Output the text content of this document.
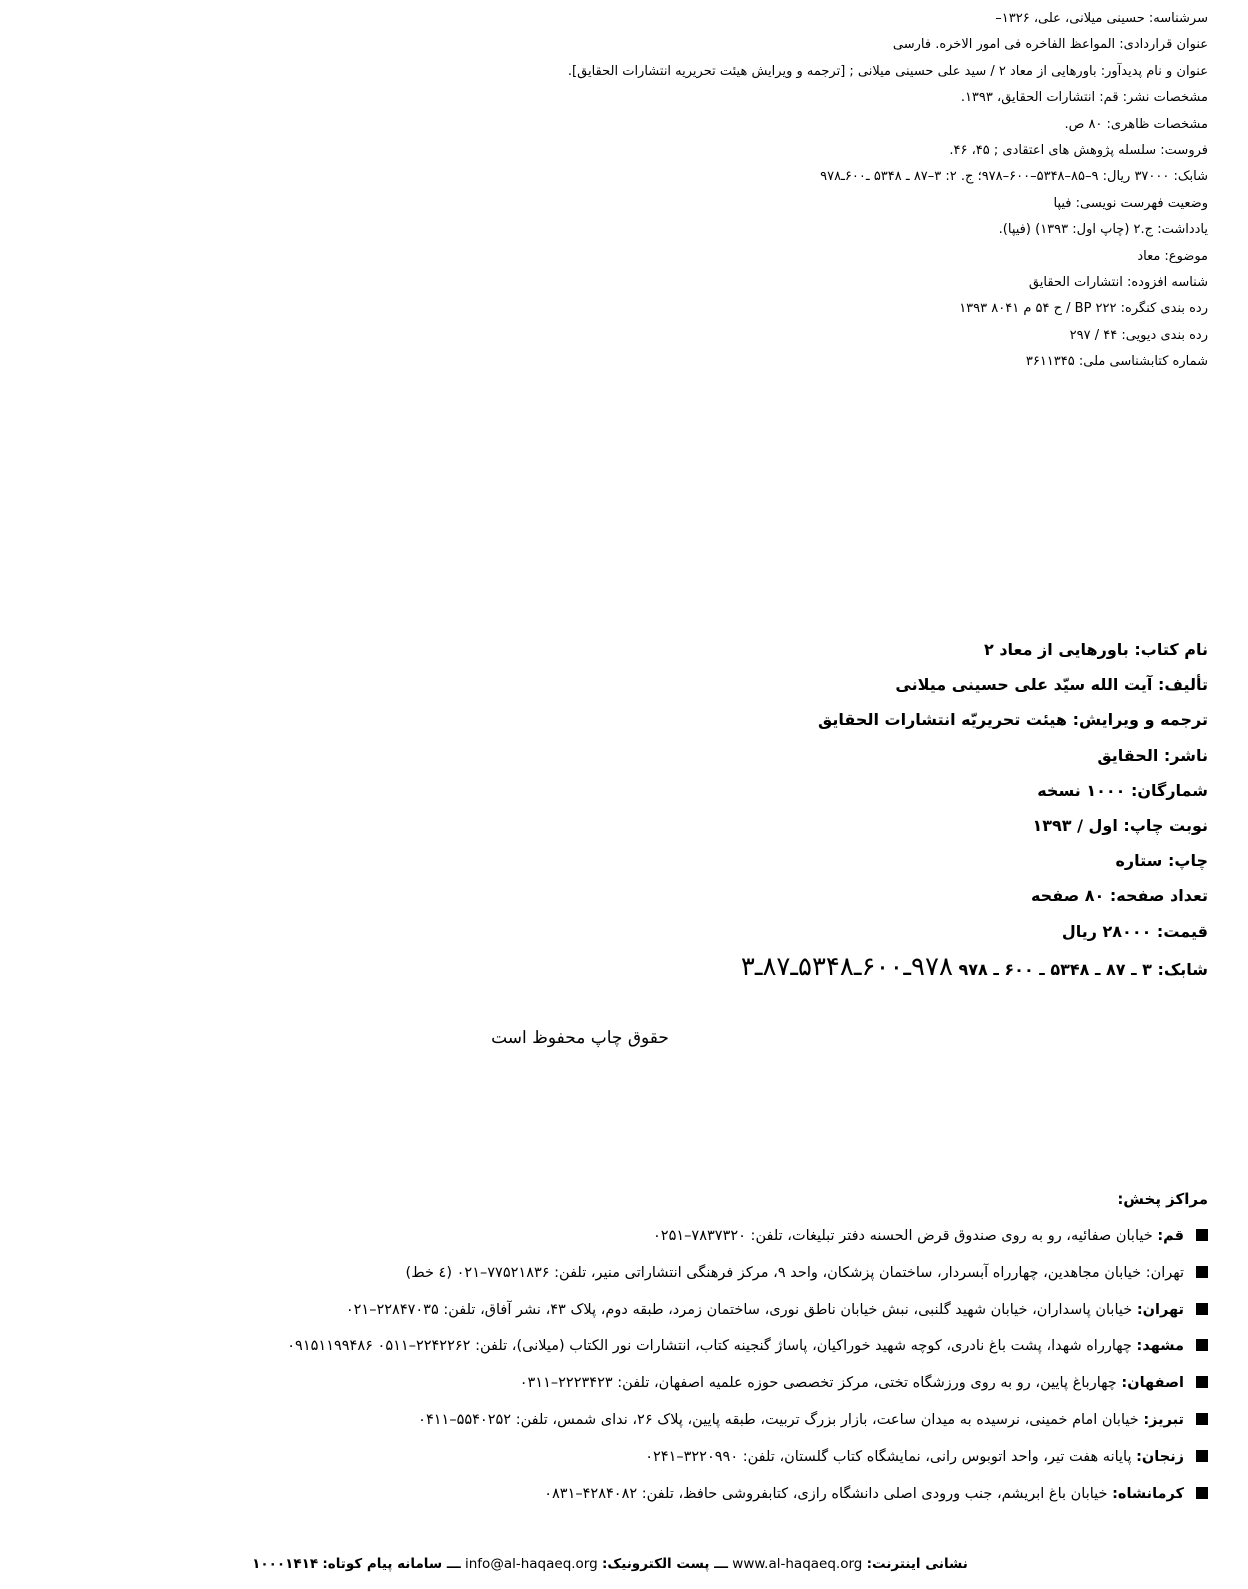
سرشناسه: حسینی میلانی، علی، ۱۳۲۶–
عنوان قراردادی: المواعظ الفاخره فی امور الاخره. فارسی
عنوان و نام پدیدآور: باورهایی از معاد ۲ / سید علی حسینی میلانی ; [ترجمه و ویرایش هیئت تحریریه انتشارات الحقایق].
مشخصات نشر: قم: انتشارات الحقایق، ۱۳۹۳.
مشخصات ظاهری: ۸۰ ص.
فروست: سلسله پژوهش های اعتقادی ; ۴۵، ۴۶.
شابک: ۳۷۰۰۰ ریال: ۹–۸۵–۵۳۴۸–۶۰۰–۹۷۸؛ ج. ۲: ۳–۸۷ ـ ۵۳۴۸ ـ۶۰۰ـ۹۷۸
وضعیت فهرست نویسی: فیپا
یادداشت: ج.۲ (چاپ اول: ۱۳۹۳) (فیپا).
موضوع: معاد
شناسه افزوده: انتشارات الحقایق
رده بندی کنگره: BP ۲۲۲ / ح ۵۴ م ۸۰۴۱ ۱۳۹۳
رده بندی دیویی: ۴۴ / ۲۹۷
شماره کتابشناسی ملی: ۳۶۱۱۳۴۵
نام کتاب: باورهایی از معاد ۲
تألیف: آیت الله سیّد علی حسینی میلانی
ترجمه و ویرایش: هیئت تحریریّه انتشارات الحقایق
ناشر: الحقایق
شمارگان: ۱۰۰۰ نسخه
نوبت چاپ: اول / ۱۳۹۳
چاپ: ستاره
تعداد صفحه: ۸۰ صفحه
قیمت: ۲۸۰۰۰ ریال
شابک: ۳ ـ ۸۷ ـ ۵۳۴۸ ـ ۶۰۰ ـ ۹۷۸ ۹۷۸ـ۶۰۰ـ۵۳۴۸ـ۸۷ـ۳
حقوق چاپ محفوظ است
مراکز پخش:
قم: خیابان صفائیه، رو به روی صندوق قرض الحسنه دفتر تبلیغات، تلفن: ۷۸۳۷۳۲۰–۰۲۵۱
تهران: خیابان مجاهدین، چهارراه آبسردار، ساختمان پزشکان، واحد ۹، مرکز فرهنگی انتشاراتی منیر، تلفن: ۷۷۵۲۱۸۳۶–۰۲۱ (٤ خط)
تهران: خیابان پاسداران، خیابان شهید گلنبی، نبش خیابان ناطق نوری، ساختمان زمرد، طبقه دوم، پلاک ۴۳، نشر آفاق، تلفن: ۲۲۸۴۷۰۳۵–۰۲۱
مشهد: چهارراه شهدا، پشت باغ نادری، کوچه شهید خوراکیان، پاساژ گنجینه کتاب، انتشارات نور الکتاب (میلانی)، تلفن: ۲۲۴۲۲۶۲–۰۵۱۱ ۰۹۱۵۱۱۹۹۴۸۶
اصفهان: چهارباغ پایین، رو به روی ورزشگاه تختی، مرکز تخصصی حوزه علمیه اصفهان، تلفن: ۲۲۲۳۴۲۳–۰۳۱۱
تبریز: خیابان امام خمینی، نرسیده به میدان ساعت، بازار بزرگ تربیت، طبقه پایین، پلاک ۲۶، ندای شمس، تلفن: ۵۵۴۰۲۵۲–۰۴۱۱
زنجان: پایانه هفت تیر، واحد اتوبوس رانی، نمایشگاه کتاب گلستان، تلفن: ۳۲۲۰۹۹۰–۰۲۴۱
کرمانشاه: خیابان باغ ابریشم، جنب ورودی اصلی دانشگاه رازی، کتابفروشی حافظ، تلفن: ۴۲۸۴۰۸۲–۰۸۳۱
نشانی اینترنت: www.al-haqaeq.org ـــ پست الکترونیک: info@al-haqaeq.org ـــ سامانه پیام کوتاه: ۱۰۰۰۱۴۱۴
